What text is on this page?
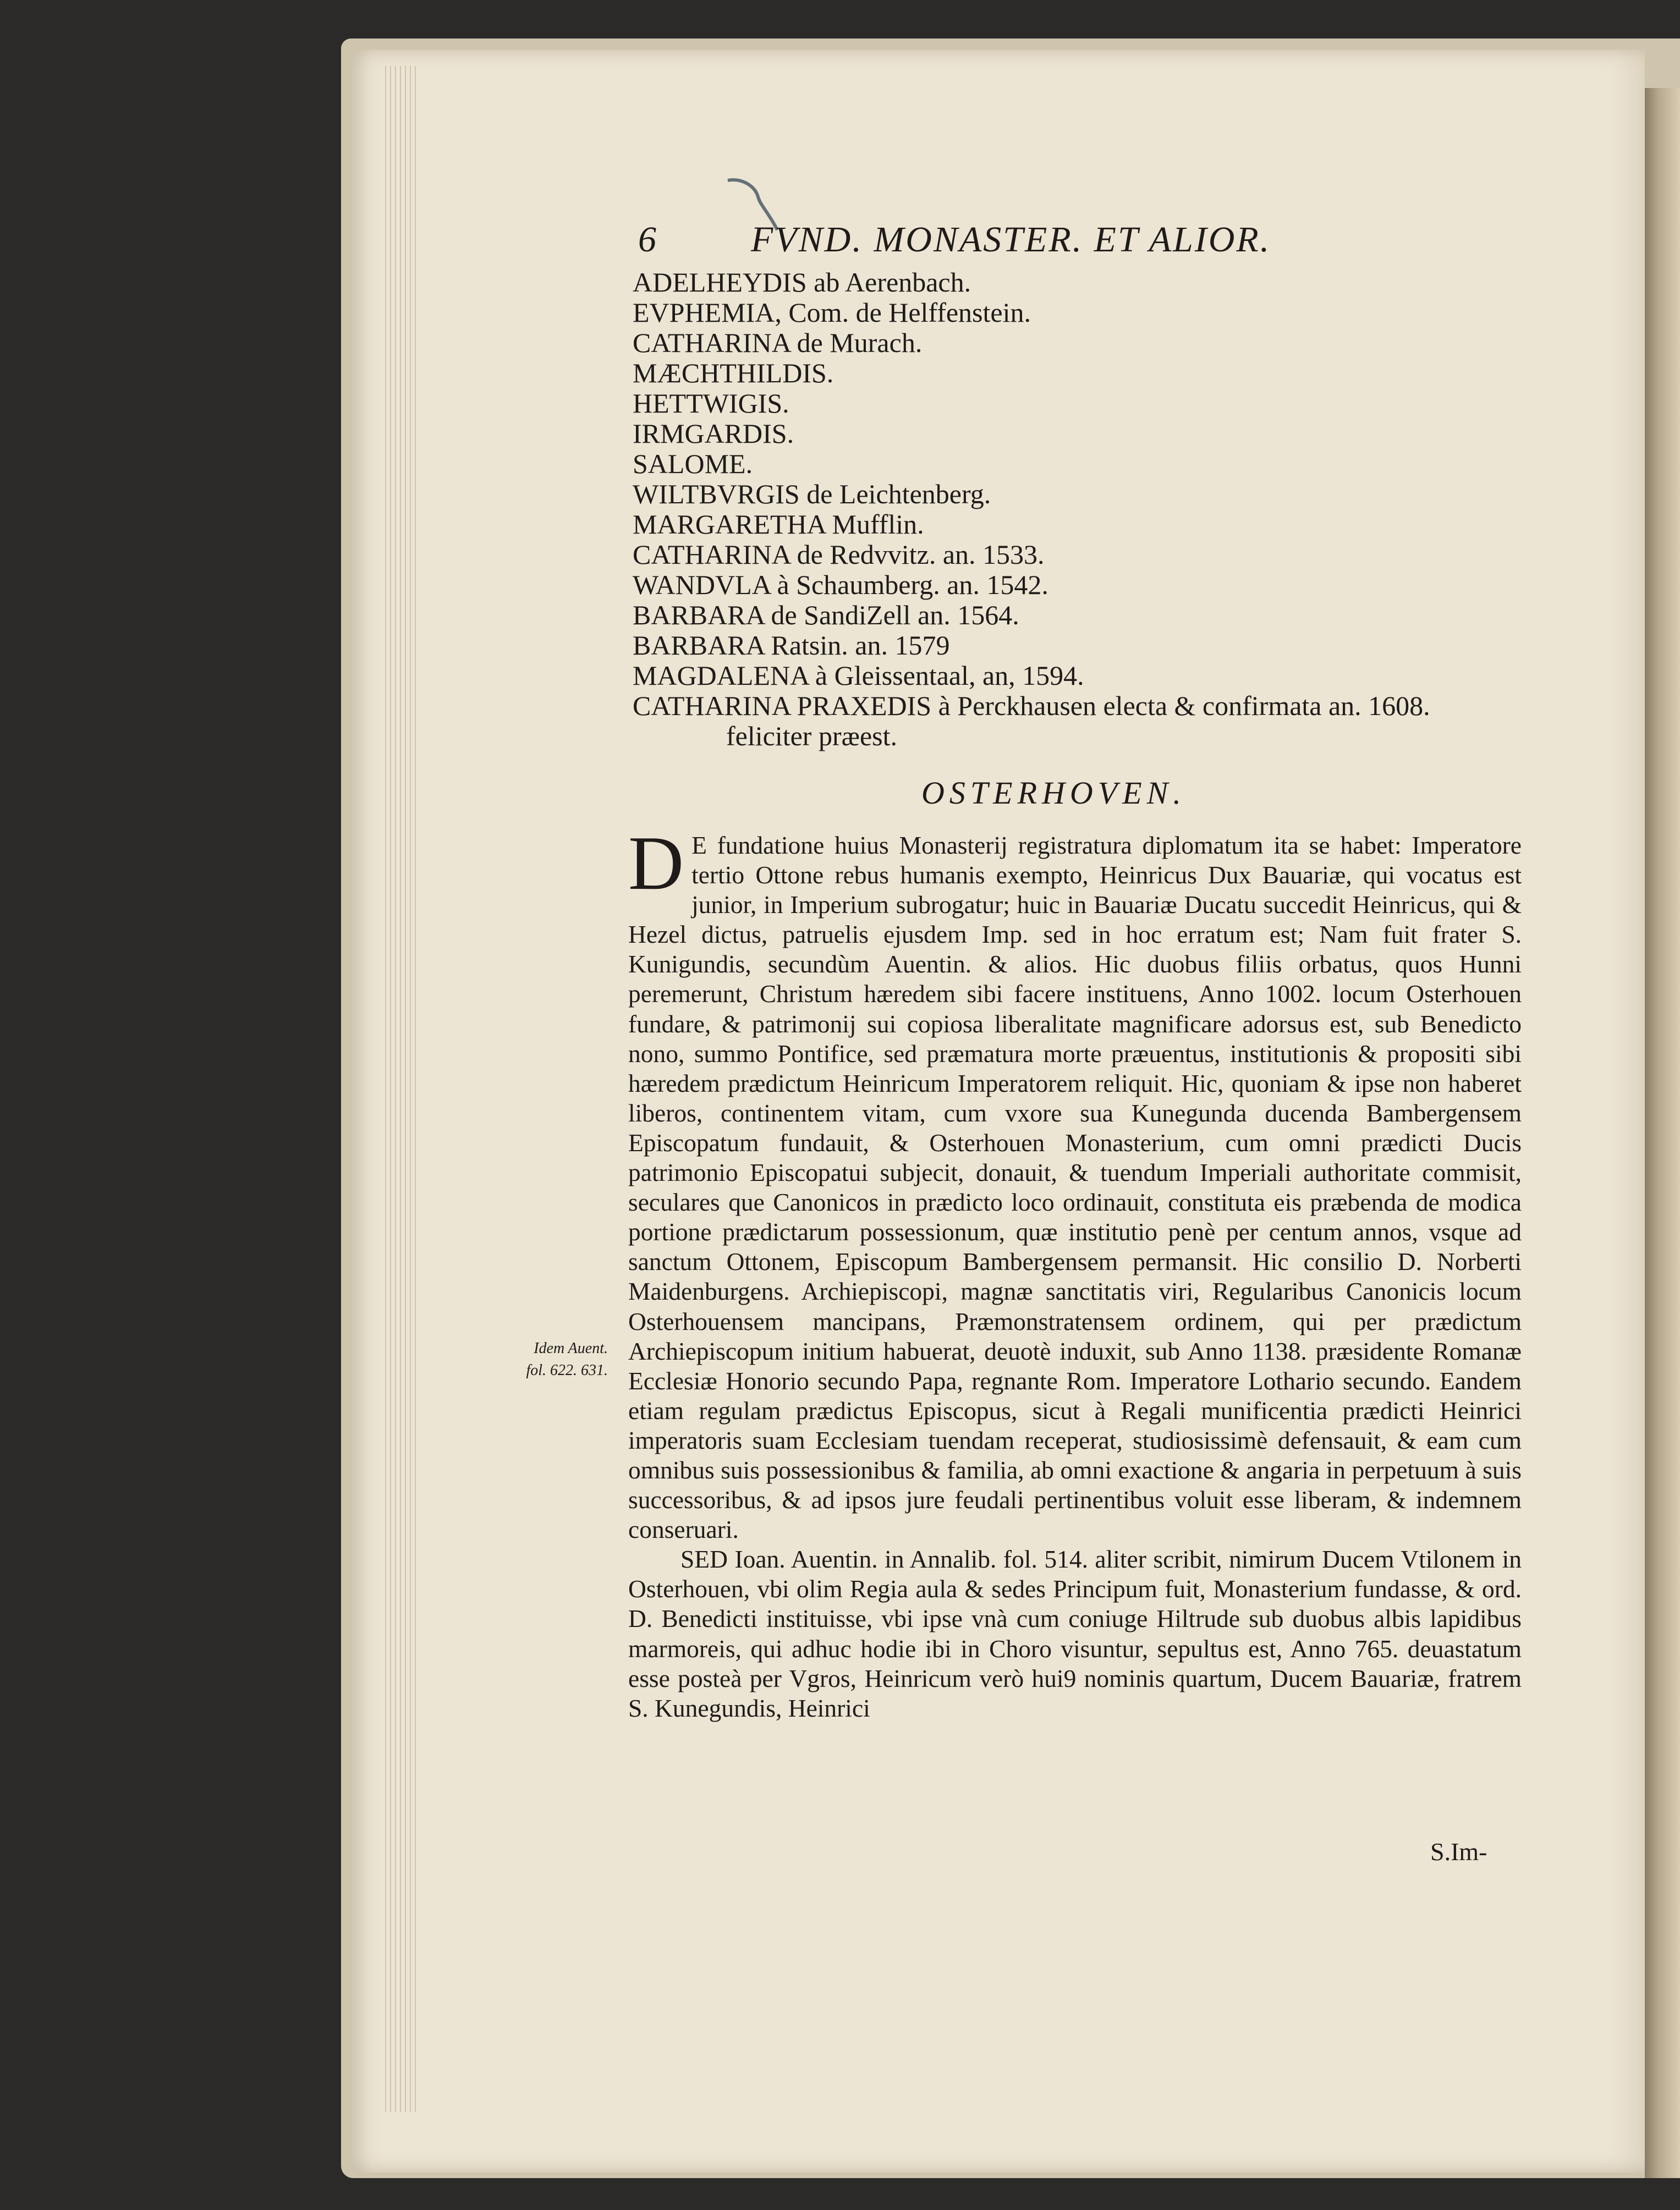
6	FVND. MONASTER. ET ALIOR.
ADELHEYDIS ab Aerenbach.
EVPHEMIA, Com. de Helffenstein.
CATHARINA de Murach.
MÆCHTHILDIS.
HETTWIGIS.
IRMGARDIS.
SALOME.
WILTBVRGIS de Leichtenberg.
MARGARETHA Mufflin.
CATHARINA de Redvvitz. an. 1533.
WANDVLA à Schaumberg. an. 1542.
BARBARA de SandiZell an. 1564.
BARBARA Ratsin. an. 1579
MAGDALENA à Gleissentaal, an, 1594.
CATHARINA PRAXEDIS à Perckhausen electa & confirmata an. 1608.
feliciter præest.
OSTERHOVEN.

D E fundatione huius Monasterij registratura diplomatum ita se habet: Imperatore tertio Ottone rebus humanis exempto, Heinricus Dux Bauariæ, qui vocatus est junior, in Imperium subrogatur; huic in Bauariæ Ducatu succedit Heinricus, qui & Hezel dictus, patruelis ejusdem Imp. sed in hoc erratum est; Nam fuit frater S. Kunigundis, secundùm Auentin. & alios. Hic duobus filiis orbatus, quos Hunni peremerunt, Christum hæredem sibi facere instituens, Anno 1002. locum Osterhouen fundare, & patrimonij sui copiosa liberalitate magnificare adorsus est, sub Benedicto nono, summo Pontifice, sed præmatura morte præuentus, institutionis & propositi sibi hæredem prædictum Heinricum Imperatorem reliquit. Hic, quoniam & ipse non haberet liberos, continentem vitam, cum vxore sua Kunegunda ducenda Bambergensem Episcopatum fundauit, & Osterhouen Monasterium, cum omni prædicti Ducis patrimonio Episcopatui subjecit, donauit, & tuendum Imperiali authoritate commisit, seculares que Canonicos in prædicto loco ordinauit, constituta eis præbenda de modica portione prædictarum possessionum, quæ institutio penè per centum annos, vsque ad sanctum Ottonem, Episcopum Bambergensem permansit. Hic consilio D. Norberti Maidenburgens. Archiepiscopi, magnæ sanctitatis viri, Regularibus Canonicis locum Osterhouensem mancipans, Præmonstratensem ordinem, qui per prædictum Archiepiscopum initium habuerat, deuotè induxit, sub Anno 1138. præsidente Romanæ Ecclesiæ Honorio secundo Papa, regnante Rom. Imperatore Lothario secundo. Eandem etiam regulam prædictus Episcopus, sicut à Regali munificentia prædicti Heinrici imperatoris suam Ecclesiam tuendam receperat, studiosissimè defensauit, & eam cum omnibus suis possessionibus & familia, ab omni exactione & angaria in perpetuum à suis successoribus, & ad ipsos jure feudali pertinentibus voluit esse liberam, & indemnem conseruari.

SED Ioan. Auentin. in Annalib. fol. 514. aliter scribit, nimirum Ducem Vtilonem in Osterhouen, vbi olim Regia aula & sedes Principum fuit, Monasterium fundasse, & ord. D. Benedicti instituisse, vbi ipse vnà cum coniuge Hiltrude sub duobus albis lapidibus marmoreis, qui adhuc hodie ibi in Choro visuntur, sepultus est, Anno 765. deuastatum esse posteà per Vgros, Heinricum verò hui9 nominis quartum, Ducem Bauariæ, fratrem S. Kunegundis, Heinrici

S.Im-
Idem Auent. fol. 622. 631.
